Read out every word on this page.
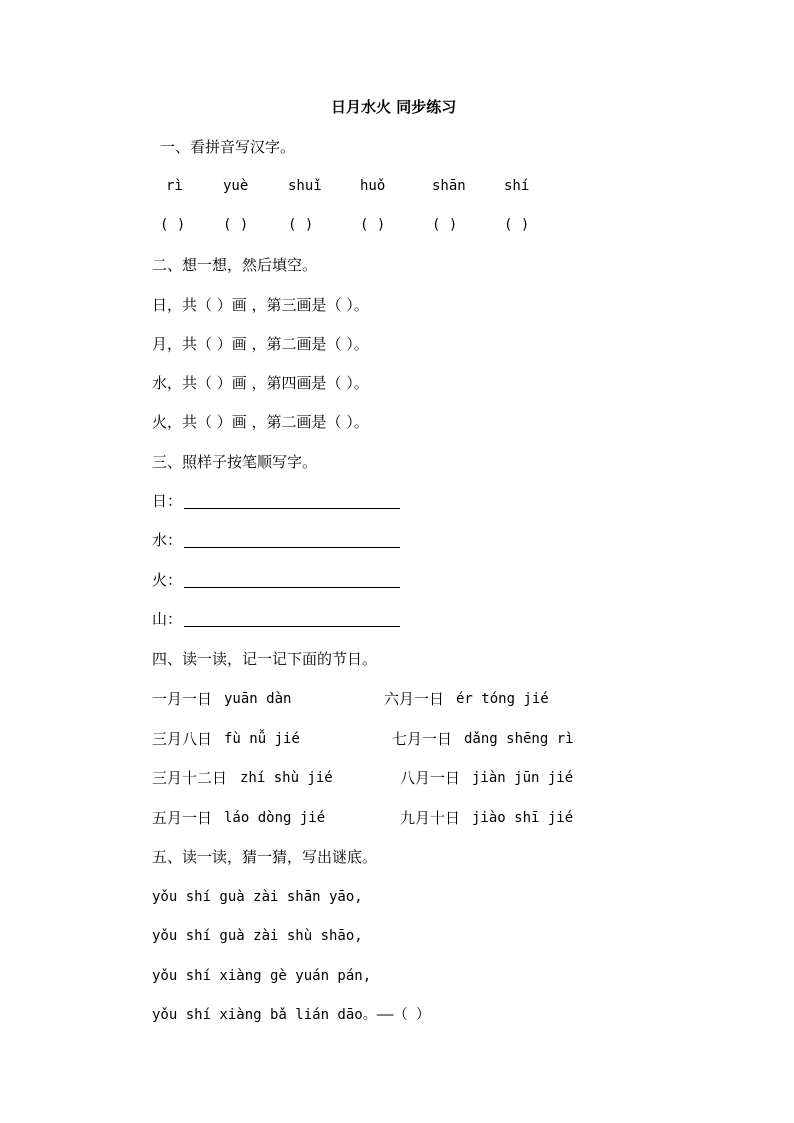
日月水火 同步练习
一、看拼音写汉字。
rì	yuè	shuǐ	huǒ	shān	shí
( )	( )	( )	( )	( )	( )
二、想一想，然后填空。
日，共（ ）画 ，第三画是（ ）。
月，共（ ）画 ，第二画是（ ）。
水，共（ ）画 ，第四画是（ ）。
火，共（ ）画 ，第二画是（ ）。
三、照样子按笔顺写字。
日：
水：
火：
山：
四、读一读，记一记下面的节日。
一月一日 yuān dàn	六月一日 ér tóng jié
三月八日 fù nǚ jié	七月一日 dǎng shēng rì
三月十二日 zhí shù jié	八月一日 jiàn jūn jié
五月一日 láo dòng jié	九月十日 jiào shī jié
五、读一读，猜一猜，写出谜底。
yǒu shí guà zài shān yāo,
yǒu shí guà zài shù shāo,
yǒu shí xiàng gè yuán pán,
yǒu shí xiàng bǎ lián dāo。——（ ）
